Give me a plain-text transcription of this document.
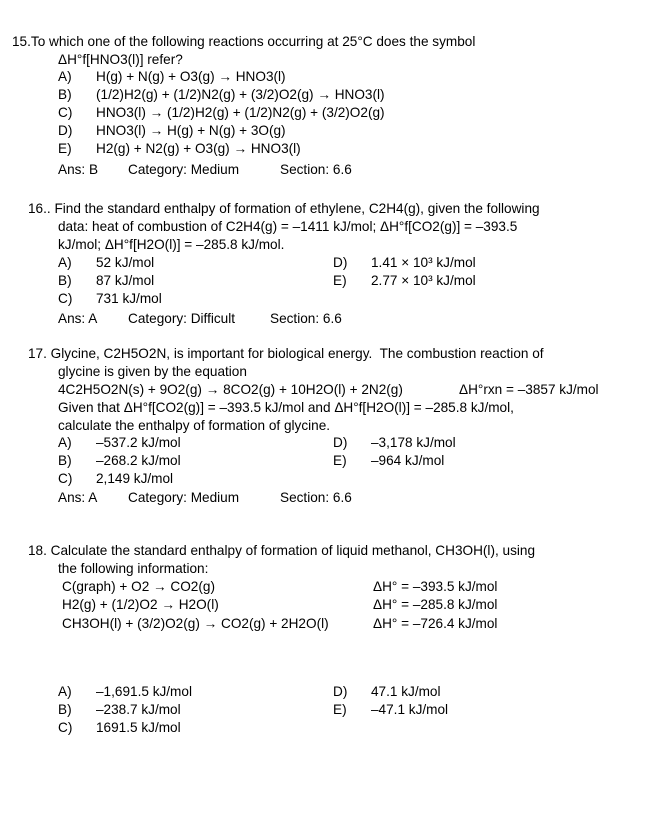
15.To which one of the following reactions occurring at 25°C does the symbol
ΔH°f[HNO3(l)] refer?
A) H(g) + N(g) + O3(g) → HNO3(l)
B) (1/2)H2(g) + (1/2)N2(g) + (3/2)O2(g) → HNO3(l)
C) HNO3(l) → (1/2)H2(g) + (1/2)N2(g) + (3/2)O2(g)
D) HNO3(l) → H(g) + N(g) + 3O(g)
E) H2(g) + N2(g) + O3(g) → HNO3(l)
Ans: B Category: Medium	Section: 6.6
16.. Find the standard enthalpy of formation of ethylene, C2H4(g), given the following
data: heat of combustion of C2H4(g) = –1411 kJ/mol; ΔH°f[CO2(g)] = –393.5
kJ/mol; ΔH°f[H2O(l)] = –285.8 kJ/mol.
A) 52 kJ/mol
B) 87 kJ/mol
C) 731 kJ/mol
D) 1.41 × 10³ kJ/mol
E) 2.77 × 10³ kJ/mol
Ans: A Category: Difficult	Section: 6.6
17. Glycine, C2H5O2N, is important for biological energy.  The combustion reaction of
glycine is given by the equation
4C2H5O2N(s) + 9O2(g) → 8CO2(g) + 10H2O(l) + 2N2(g)	ΔH°rxn = –3857 kJ/mol
Given that ΔH°f[CO2(g)] = –393.5 kJ/mol and ΔH°f[H2O(l)] = –285.8 kJ/mol,
calculate the enthalpy of formation of glycine.
A) –537.2 kJ/mol
B) –268.2 kJ/mol
C) 2,149 kJ/mol
D) –3,178 kJ/mol
E) –964 kJ/mol
Ans: A Category: Medium	Section: 6.6
18. Calculate the standard enthalpy of formation of liquid methanol, CH3OH(l), using
the following information:
C(graph) + O2 → CO2(g)	ΔH° = –393.5 kJ/mol
H2(g) + (1/2)O2 → H2O(l)	ΔH° = –285.8 kJ/mol
CH3OH(l) + (3/2)O2(g) → CO2(g) + 2H2O(l)	ΔH° = –726.4 kJ/mol
A) –1,691.5 kJ/mol
B) –238.7 kJ/mol
C) 1691.5 kJ/mol
D) 47.1 kJ/mol
E) –47.1 kJ/mol
